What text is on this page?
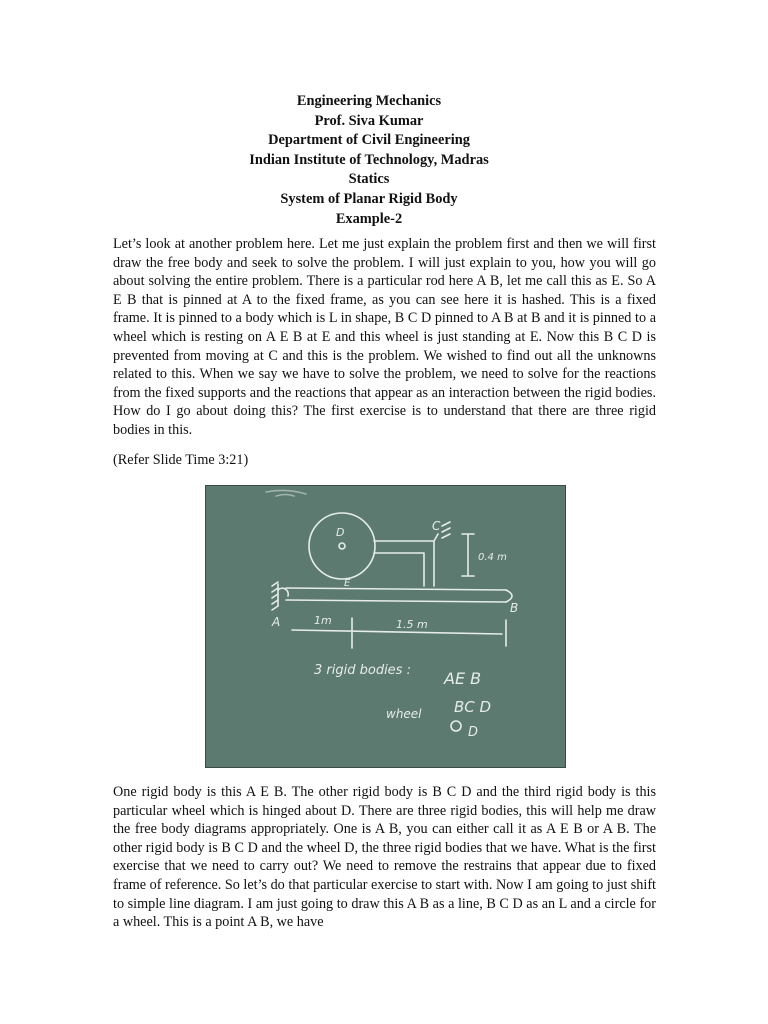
Engineering Mechanics
Prof. Siva Kumar
Department of Civil Engineering
Indian Institute of Technology, Madras
Statics
System of Planar Rigid Body
Example-2

Let’s look at another problem here. Let me just explain the problem first and then we will first draw the free body and seek to solve the problem. I will just explain to you, how you will go about solving the entire problem. There is a particular rod here A B, let me call this as E. So A E B that is pinned at A to the fixed frame, as you can see here it is hashed. This is a fixed frame. It is pinned to a body which is L in shape, B C D pinned to A B at B and it is pinned to a wheel which is resting on A E B at E and this wheel is just standing at E. Now this B C D is prevented from moving at C and this is the problem. We wished to find out all the unknowns related to this. When we say we have to solve the problem, we need to solve for the reactions from the fixed supports and the reactions that appear as an interaction between the rigid bodies. How do I go about doing this? The first exercise is to understand that there are three rigid bodies in this.

(Refer Slide Time 3:21)

A
B
C
D
E
0.4 m
1m	1.5 m
3 rigid bodies : AE B
BC D
wheel
D

One rigid body is this A E B. The other rigid body is B C D and the third rigid body is this particular wheel which is hinged about D. There are three rigid bodies, this will help me draw the free body diagrams appropriately. One is A B, you can either call it as A E B or A B. The other rigid body is B C D and the wheel D, the three rigid bodies that we have. What is the first exercise that we need to carry out? We need to remove the restrains that appear due to fixed frame of reference. So let’s do that particular exercise to start with. Now I am going to just shift to simple line diagram. I am just going to draw this A B as a line, B C D as an L and a circle for a wheel. This is a point A B, we have
